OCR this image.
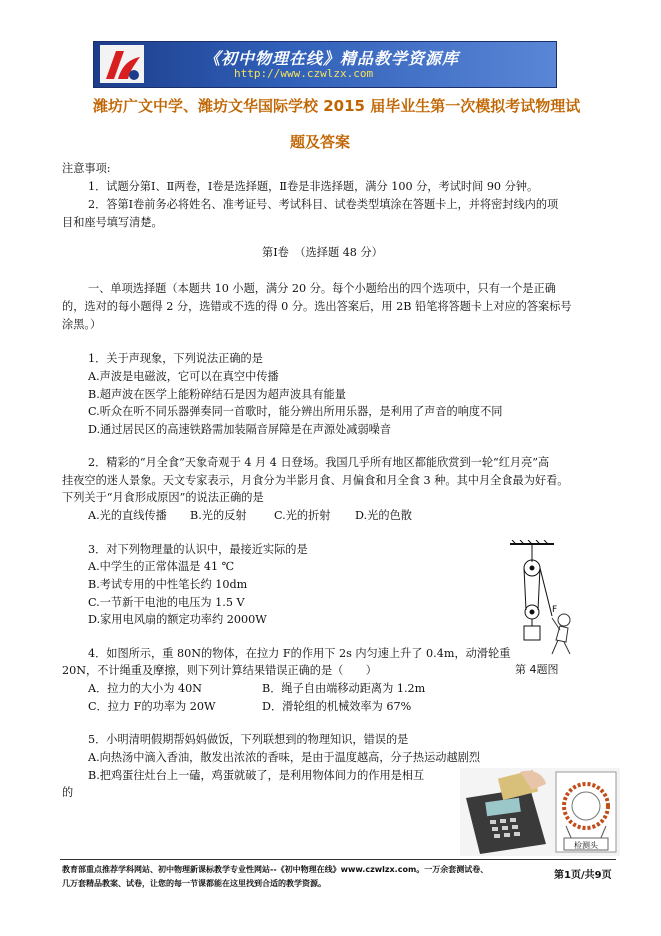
《初中物理在线》精品教学资源库
http://www.czwlzx.com
潍坊广文中学、潍坊文华国际学校 2015 届毕业生第一次模拟考试物理试
题及答案
注意事项:
1．试题分第Ⅰ、Ⅱ两卷，Ⅰ卷是选择题，Ⅱ卷是非选择题，满分 100 分，考试时间 90 分钟。
2．答第Ⅰ卷前务必将姓名、准考证号、考试科目、试卷类型填涂在答题卡上，并将密封线内的项
目和座号填写清楚。
第Ⅰ卷　（选择题 48 分）
一、单项选择题（本题共 10 小题，满分 20 分。每个小题给出的四个选项中，只有一个是正确
的，选对的每小题得 2 分，选错或不选的得 0 分。选出答案后，用 2B 铅笔将答题卡上对应的答案标号
涂黑。）
1．关于声现象，下列说法正确的是
A.声波是电磁波，它可以在真空中传播
B.超声波在医学上能粉碎结石是因为超声波具有能量
C.听众在听不同乐器弹奏同一首歌时，能分辨出所用乐器，是利用了声音的响度不同
D.通过居民区的高速铁路需加装隔音屏障是在声源处减弱噪音
2．精彩的“月全食”天象奇观于 4 月 4 日登场。我国几乎所有地区都能欣赏到一轮“红月亮”高
挂夜空的迷人景象。天文专家表示，月食分为半影月食、月偏食和月全食 3 种。其中月全食最为好看。
下列关于“月食形成原因”的说法正确的是
A.光的直线传播 B.光的反射 C.光的折射 D.光的色散
3．对下列物理量的认识中，最接近实际的是
A.中学生的正常体温是 41 ℃
B.考试专用的中性笔长约 10dm
C.一节新干电池的电压为 1.5 V
D.家用电风扇的额定功率约 2000W
F
第 4题图
4．如图所示，重 80N的物体，在拉力 F的作用下 2s 内匀速上升了 0.4m，动滑轮重
20N，不计绳重及摩擦，则下列计算结果错误正确的是（　　）
A．拉力的大小为 40N	B．绳子自由端移动距离为 1.2m
C．拉力 F的功率为 20W	D．滑轮组的机械效率为 67%
5．小明清明假期帮妈妈做饭，下列联想到的物理知识，错误的是
A.向热汤中滴入香油，散发出浓浓的香味，是由于温度越高，分子热运动越剧烈
B.把鸡蛋往灶台上一磕，鸡蛋就破了，是利用物体间力的作用是相互
的
检测头
教育部重点推荐学科网站、初中物理新课标教学专业性网站--《初中物理在线》www.czwlzx.com。一万余套测试卷、
几万套精品教案、试卷，让您的每一节课都能在这里找到合适的教学资源。
第1页/共9页
